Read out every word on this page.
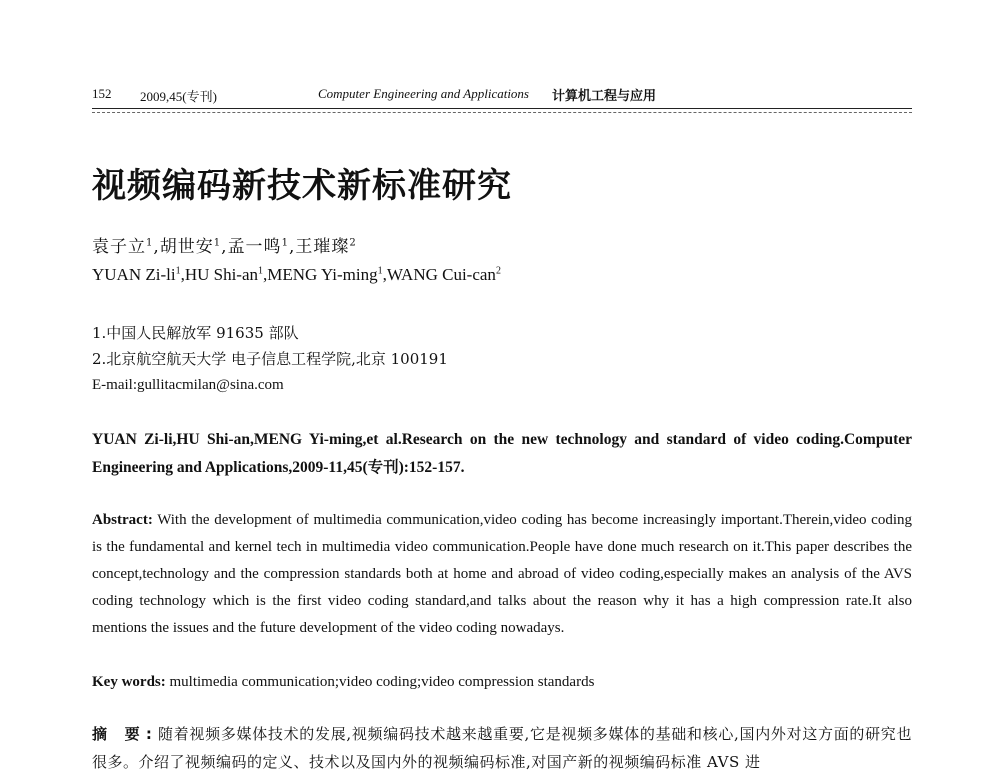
152 2009,45(专刊)	Computer Engineering and Applications 计算机工程与应用
视频编码新技术新标准研究
袁子立$^1$,胡世安$^1$,孟一鸣$^1$,王璀璨$^2$
YUAN $Zi-li^1,HU$ Shi-$an^1,MENG$ Yi-ming$^1$,WANG Cui-can$^2$
1.中国人民解放军 91635 部队
2.北京航空航天大学 电子信息工程学院,北京 100191
E-mail:gullitacmilan@sina.com
YUAN Zi-li,HU Shi-an,MENG Yi-ming,et al.Research on the new technology and standard of video coding.Computer Engineering and Applications,2009-11,45(专刊):152-157.
Abstract: With the development of multimedia communication,video coding has become increasingly important.Therein,video coding is the fundamental and kernel tech in multimedia video communication.People have done much research on it.This paper describes the concept,technology and the compression standards both at home and abroad of video coding,especially makes an analysis of the AVS coding technology which is the first video coding standard,and talks about the reason why it has a high compression rate.It also mentions the issues and the future development of the video coding nowadays.
Key words: multimedia communication;video coding;video compression standards
摘 要:随着视频多媒体技术的发展,视频编码技术越来越重要,它是视频多媒体的基础和核心,国内外对这方面的研究也很多。介绍了视频编码的定义、技术以及国内外的视频编码标准,对国产新的视频编码标准 AVS 进
